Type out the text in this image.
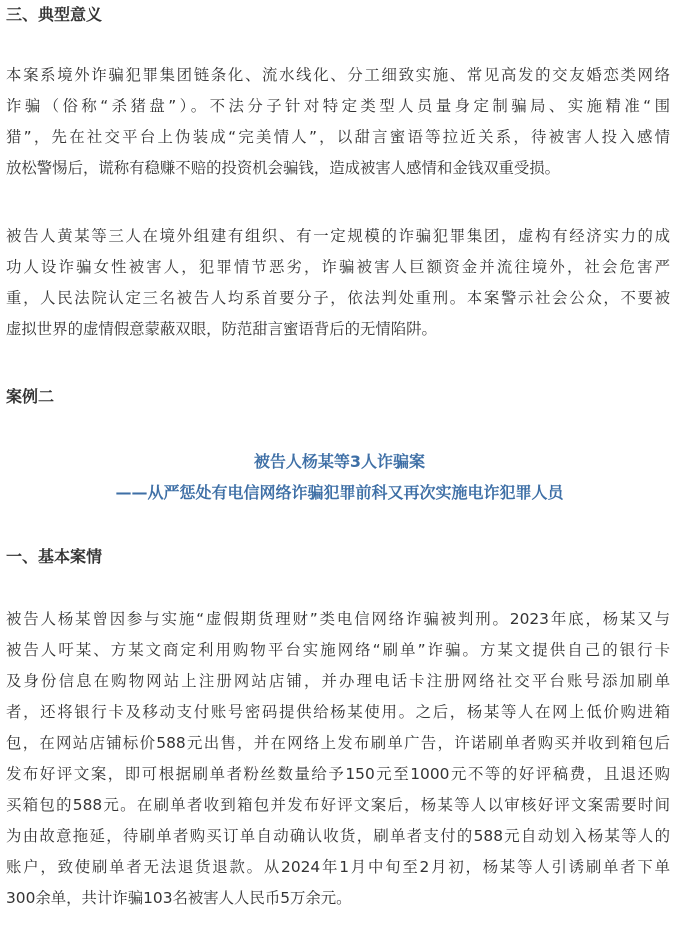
三、典型意义
本案系境外诈骗犯罪集团链条化、流水线化、分工细致实施、常见高发的交友婚恋类网络
诈骗（俗称“杀猪盘”）。不法分子针对特定类型人员量身定制骗局、实施精准“围
猎”，先在社交平台上伪装成“完美情人”，以甜言蜜语等拉近关系，待被害人投入感情
放松警惕后，谎称有稳赚不赔的投资机会骗钱，造成被害人感情和金钱双重受损。
被告人黄某等三人在境外组建有组织、有一定规模的诈骗犯罪集团，虚构有经济实力的成
功人设诈骗女性被害人，犯罪情节恶劣，诈骗被害人巨额资金并流往境外，社会危害严
重，人民法院认定三名被告人均系首要分子，依法判处重刑。本案警示社会公众，不要被
虚拟世界的虚情假意蒙蔽双眼，防范甜言蜜语背后的无情陷阱。
案例二
被告人杨某等3人诈骗案
——从严惩处有电信网络诈骗犯罪前科又再次实施电诈犯罪人员
一、基本案情
被告人杨某曾因参与实施“虚假期货理财”类电信网络诈骗被判刑。2023年底，杨某又与
被告人吁某、方某文商定利用购物平台实施网络“刷单”诈骗。方某文提供自己的银行卡
及身份信息在购物网站上注册网站店铺，并办理电话卡注册网络社交平台账号添加刷单
者，还将银行卡及移动支付账号密码提供给杨某使用。之后，杨某等人在网上低价购进箱
包，在网站店铺标价588元出售，并在网络上发布刷单广告，许诺刷单者购买并收到箱包后
发布好评文案，即可根据刷单者粉丝数量给予150元至1000元不等的好评稿费，且退还购
买箱包的588元。在刷单者收到箱包并发布好评文案后，杨某等人以审核好评文案需要时间
为由故意拖延，待刷单者购买订单自动确认收货，刷单者支付的588元自动划入杨某等人的
账户，致使刷单者无法退货退款。从2024年1月中旬至2月初，杨某等人引诱刷单者下单
300余单，共计诈骗103名被害人人民币5万余元。
